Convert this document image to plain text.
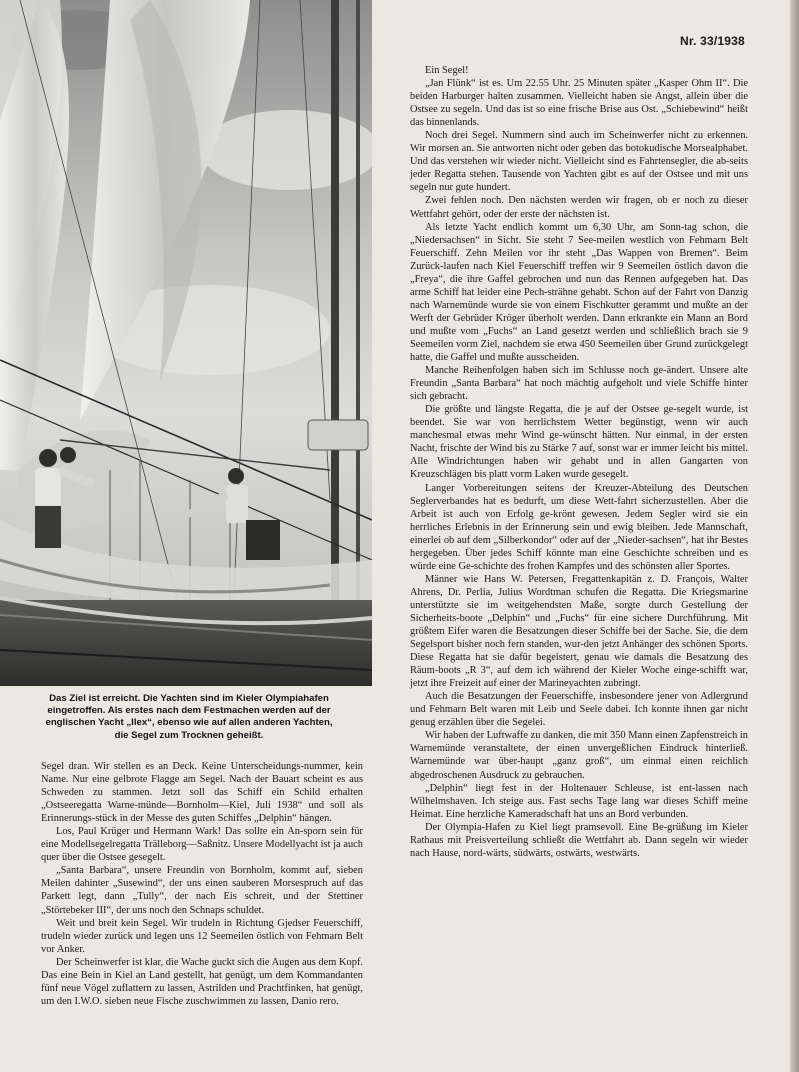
Das Ziel ist erreicht. Die Yachten sind im Kieler Olympiahafen
eingetroffen. Als erstes nach dem Festmachen werden auf der
englischen Yacht „Ilex“, ebenso wie auf allen anderen Yachten,
die Segel zum Trocknen geheißt.
Nr. 33/1938

Segel dran. Wir stellen es an Deck. Keine Unterscheidungs-nummer, kein Name. Nur eine gelbrote Flagge am Segel. Nach der Bauart scheint es aus Schweden zu stammen. Jetzt soll das Schiff ein Schild erhalten „Ostseeregatta Warne-münde—Bornholm—Kiel, Juli 1938“ und soll als Erinnerungs-stück in der Messe des guten Schiffes „Delphin“ hängen.

Los, Paul Krüger und Hermann Wark! Das sollte ein An-sporn sein für eine Modellsegelregatta Trälleborg—Saßnitz. Unsere Modellyacht ist ja auch quer über die Ostsee gesegelt.

„Santa Barbara“, unsere Freundin von Bornholm, kommt auf, sieben Meilen dahinter „Susewind“, der uns einen sauberen Morsespruch auf das Parkett legt, dann „Tully“, der nach Eis schreit, und der Stettiner „Störtebeker III“, der uns noch den Schnaps schuldet.

Weit und breit kein Segel. Wir trudeln in Richtung Gjedser Feuerschiff, trudeln wieder zurück und legen uns 12 Seemeilen östlich von Fehmarn Belt vor Anker.

Der Scheinwerfer ist klar, die Wache guckt sich die Augen aus dem Kopf. Das eine Bein in Kiel an Land gestellt, hat genügt, um dem Kommandanten fünf neue Vögel zuflattern zu lassen, Astrilden und Prachtfinken, hat genügt, um den I.W.O. sieben neue Fische zuschwimmen zu lassen, Danio rero.

Ein Segel!

„Jan Flünk“ ist es. Um 22.55 Uhr. 25 Minuten später „Kasper Ohm II“. Die beiden Harburger halten zusammen. Vielleicht haben sie Angst, allein über die Ostsee zu segeln. Und das ist so eine frische Brise aus Ost. „Schiebewind“ heißt das binnenlands.

Noch drei Segel. Nummern sind auch im Scheinwerfer nicht zu erkennen. Wir morsen an. Sie antworten nicht oder geben das botokudische Morsealphabet. Und das verstehen wir wieder nicht. Vielleicht sind es Fahrtensegler, die ab-seits jeder Regatta stehen. Tausende von Yachten gibt es auf der Ostsee und mit uns segeln nur gute hundert.

Zwei fehlen noch. Den nächsten werden wir fragen, ob er noch zu dieser Wettfahrt gehört, oder der erste der nächsten ist.

Als letzte Yacht endlich kommt um 6,30 Uhr, am Sonn-tag schon, die „Niedersachsen“ in Sicht. Sie steht 7 See-meilen westlich von Fehmarn Belt Feuerschiff. Zehn Meilen vor ihr steht „Das Wappen von Bremen“. Beim Zurück-laufen nach Kiel Feuerschiff treffen wir 9 Seemeilen östlich davon die „Freya“, die ihre Gaffel gebrochen und nun das Rennen aufgegeben hat. Das arme Schiff hat leider eine Pech-strähne gehabt. Schon auf der Fahrt von Danzig nach Warnemünde wurde sie von einem Fischkutter gerammt und mußte an der Werft der Gebrüder Kröger überholt werden. Dann erkrankte ein Mann an Bord und mußte vom „Fuchs“ an Land gesetzt werden und schließlich brach sie 9 Seemeilen vorm Ziel, nachdem sie etwa 450 Seemeilen über Grund zurückgelegt hatte, die Gaffel und mußte ausscheiden.

Manche Reihenfolgen haben sich im Schlusse noch ge-ändert. Unsere alte Freundin „Santa Barbara“ hat noch mächtig aufgeholt und viele Schiffe hinter sich gebracht.

Die größte und längste Regatta, die je auf der Ostsee ge-segelt wurde, ist beendet. Sie war von herrlichstem Wetter begünstigt, wenn wir auch manchesmal etwas mehr Wind ge-wünscht hätten. Nur einmal, in der ersten Nacht, frischte der Wind bis zu Stärke 7 auf, sonst war er immer leicht bis mittel. Alle Windrichtungen haben wir gehabt und in allen Gangarten von Kreuzschlägen bis platt vorm Laken wurde gesegelt.

Langer Vorbereitungen seitens der Kreuzer-Abteilung des Deutschen Seglerverbandes hat es bedurft, um diese Wett-fahrt sicherzustellen. Aber die Arbeit ist auch von Erfolg ge-krönt gewesen. Jedem Segler wird sie ein herrliches Erlebnis in der Erinnerung sein und ewig bleiben. Jede Mannschaft, einerlei ob auf dem „Silberkondor“ oder auf der „Nieder-sachsen“, hat ihr Bestes hergegeben. Über jedes Schiff könnte man eine Geschichte schreiben und es würde eine Ge-schichte des frohen Kampfes und des schönsten aller Sportes.

Männer wie Hans W. Petersen, Fregattenkapitän z. D. François, Walter Ahrens, Dr. Perlia, Julius Wordtman schufen die Regatta. Die Kriegsmarine unterstützte sie im weitgehendsten Maße, sorgte durch Gestellung der Sicherheits-boote „Delphin“ und „Fuchs“ für eine sichere Durchführung. Mit größtem Eifer waren die Besatzungen dieser Schiffe bei der Sache. Sie, die dem Segelsport bisher noch fern standen, wur-den jetzt Anhänger des schönen Sports. Diese Regatta hat sie dafür begeistert, genau wie damals die Besatzung des Räum-boots „R 3“, auf dem ich während der Kieler Woche einge-schifft war, jetzt ihre Freizeit auf einer der Marineyachten zubringt.

Auch die Besatzungen der Feuerschiffe, insbesondere jener von Adlergrund und Fehmarn Belt waren mit Leib und Seele dabei. Ich konnte ihnen gar nicht genug erzählen über die Segelei.

Wir haben der Luftwaffe zu danken, die mit 350 Mann einen Zapfenstreich in Warnemünde veranstaltete, der einen unvergeßlichen Eindruck hinterließ. Warnemünde war über-haupt „ganz groß“, um einmal einen reichlich abgedroschenen Ausdruck zu gebrauchen.

„Delphin“ liegt fest in der Holtenauer Schleuse, ist ent-lassen nach Wilhelmshaven. Ich steige aus. Fast sechs Tage lang war dieses Schiff meine Heimat. Eine herzliche Kameradschaft hat uns an Bord verbunden.

Der Olympia-Hafen zu Kiel liegt pramsevoll. Eine Be-grüßung im Kieler Rathaus mit Preisverteilung schließt die Wettfahrt ab. Dann segeln wir wieder nach Hause, nord-wärts, südwärts, ostwärts, westwärts.
